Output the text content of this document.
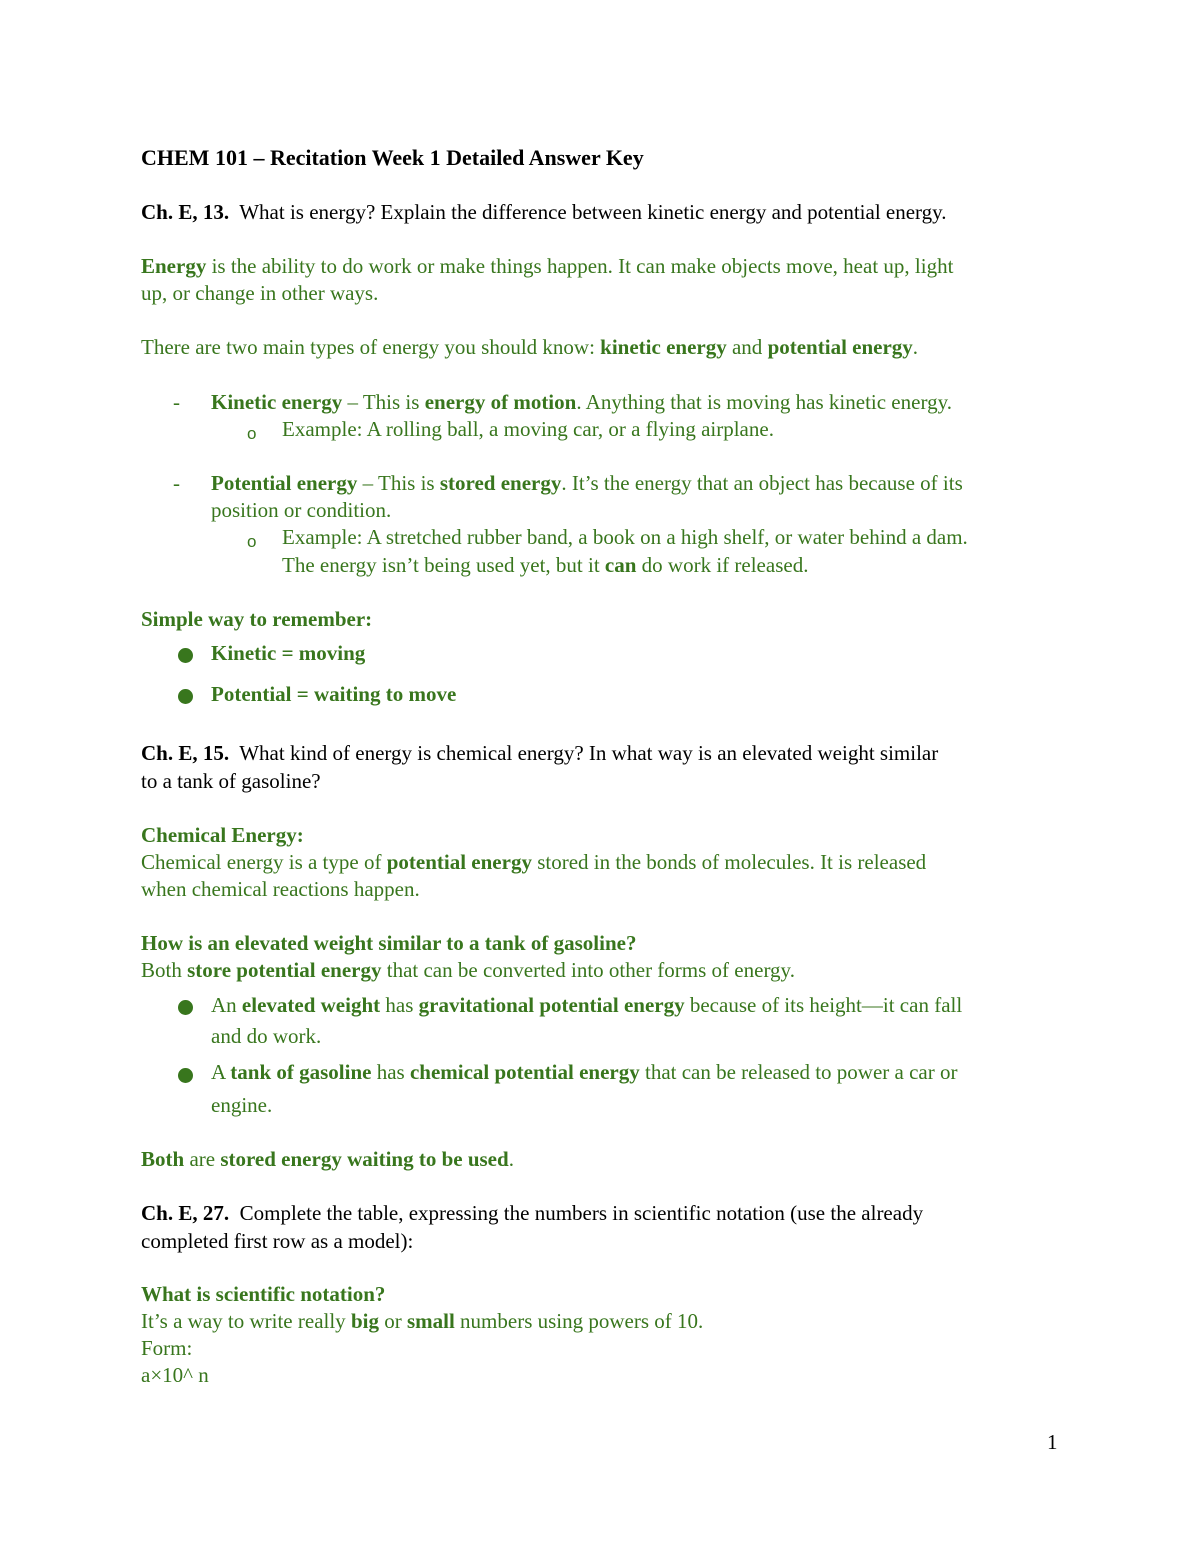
CHEM 101 – Recitation Week 1 Detailed Answer Key
Ch. E, 13. What is energy? Explain the difference between kinetic energy and potential energy.
Energy is the ability to do work or make things happen. It can make objects move, heat up, light
up, or change in other ways.
There are two main types of energy you should know: kinetic energy and potential energy.
- Kinetic energy – This is energy of motion. Anything that is moving has kinetic energy.
o Example: A rolling ball, a moving car, or a flying airplane.
- Potential energy – This is stored energy. It’s the energy that an object has because of its
position or condition.
o Example: A stretched rubber band, a book on a high shelf, or water behind a dam.
The energy isn’t being used yet, but it can do work if released.
Simple way to remember:
Kinetic = moving
Potential = waiting to move
Ch. E, 15. What kind of energy is chemical energy? In what way is an elevated weight similar
to a tank of gasoline?
Chemical Energy:
Chemical energy is a type of potential energy stored in the bonds of molecules. It is released
when chemical reactions happen.
How is an elevated weight similar to a tank of gasoline?
Both store potential energy that can be converted into other forms of energy.
An elevated weight has gravitational potential energy because of its height—it can fall
and do work.
A tank of gasoline has chemical potential energy that can be released to power a car or
engine.
Both are stored energy waiting to be used.
Ch. E, 27. Complete the table, expressing the numbers in scientific notation (use the already
completed first row as a model):
What is scientific notation?
It’s a way to write really big or small numbers using powers of 10.
Form:
a×10^ n
1
